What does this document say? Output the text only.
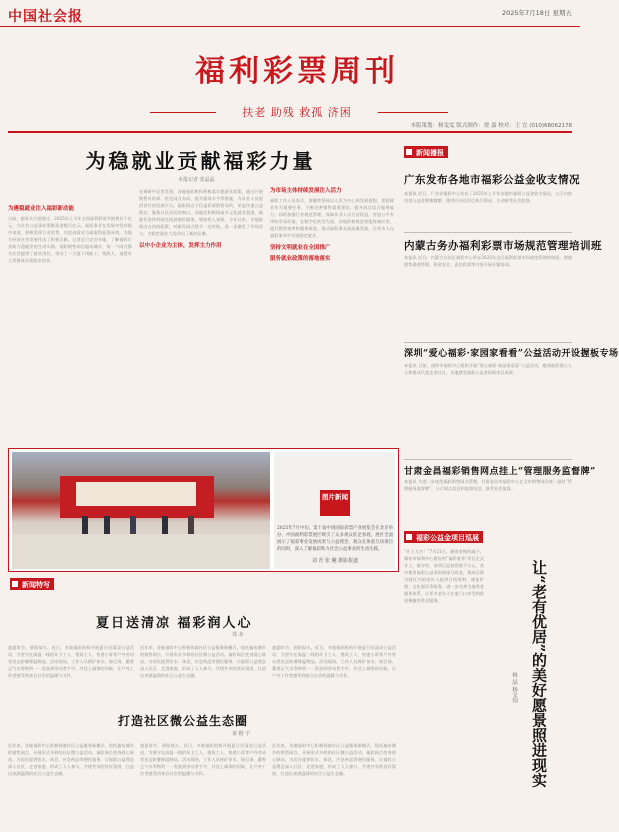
中国社会报	2025年7月18日 星期五
福利彩票周刊
扶老 助残 救孤 济困
本版策划：杨雯雯 版式制作：贾 嘉 校对：王 宜 (010)68062178
为稳就业贡献福彩力量
本报记者 张晶晶
为遴稳就业注入福彩新动能
日前，据有关方面统计，2025年上半年全国福利彩票共销售若干亿元，为社会公益事业筹集资金数百亿元。福彩事业在发展中坚持稳中求进，积极发挥行业优势，在促进就业方面取得显著成效，为地方经济社会发展作出了积极贡献。记者近日走访多地，了解福彩行业助力稳就业的生动实践。福彩销售网点遍布城乡，每一个网点都为社会提供了就业岗位，带动了一大批下岗职工、残疾人、退役军人等群体实现就业创业。
在调研中记者发现，各地福彩机构积极落实稳就业政策，通过开展销售员培训、优化网点布局、提升服务水平等措施，为从业人员提供更好的发展平台。福彩网点不仅是彩票销售场所，更是传递公益理念、服务社区居民的窗口。各地还积极探索多元化就业渠道，鼓励有条件的网点拓展便民服务，增加收入来源。今年以来，多地陆续出台扶持政策，对新设网点给予一定补贴，进一步激发了市场活力，为稳定就业大局作出了新的贡献。
以中小企业为主体，发挥主力作用
为市场主体持续发展注入活力
福彩工作人员表示，将继续坚持以人民为中心的发展思想，把稳就业作为重要任务，不断完善销售渠道建设，提升网点综合服务能力。同时加强行业规范管理，保障从业人员合法权益，营造公平有序的市场环境。在数字化转型方面，各地积极推进智能终端应用，提升销售效率和服务体验，推动福彩事业高质量发展，让更多人在福彩事业中实现稳定就业。
坚持文明就业在全国推广
服务就业政策的落地落实
图片新闻
2025年7月中旬，第十届中国国际彩票产业展览会在北京举办，中国福利彩票展区吸引了众多观众驻足参观。展区全面展示了福彩事业发展成果与公益理念，观众在体验互动项目的同时，深入了解福彩助力社会公益事业的生动实践。
刘 青 张 樾 摄影报道
新闻特写
夏日送清凉 福彩润人心
郑 多
盛夏时节，骄阳似火。近日，多地福彩机构开展夏日送清凉公益活动，为坚守在高温一线的环卫工人、建筑工人、快递小哥等户外劳动者送去防暑降温物品。活动现场，工作人员将矿泉水、绿豆汤、藿香正气水等物资一一发放到劳动者手中，并送上诚挚的问候，让户外工作者感受到来自社会的温暖与关怀。
近年来，各地福彩中心积极探索社区公益服务新模式，依托遍布城乡的销售网点，开展形式多样的社区微公益活动。福彩网点变身爱心驿站，为居民提供饮水、休息、应急药品等便民服务，让福彩公益理念深入社区、走进家庭，形成了人人参与、共建共享的良好氛围，打造出充满温情的社区公益生态圈。
盛夏时节，骄阳似火。近日，多地福彩机构开展夏日送清凉公益活动，为坚守在高温一线的环卫工人、建筑工人、快递小哥等户外劳动者送去防暑降温物品。活动现场，工作人员将矿泉水、绿豆汤、藿香正气水等物资一一发放到劳动者手中，并送上诚挚的问候，让户外工作者感受到来自社会的温暖与关怀。
打造社区微公益生态圈
秦 楷 宇
近年来，各地福彩中心积极探索社区公益服务新模式，依托遍布城乡的销售网点，开展形式多样的社区微公益活动。福彩网点变身爱心驿站，为居民提供饮水、休息、应急药品等便民服务，让福彩公益理念深入社区、走进家庭，形成了人人参与、共建共享的良好氛围，打造出充满温情的社区公益生态圈。
盛夏时节，骄阳似火。近日，多地福彩机构开展夏日送清凉公益活动，为坚守在高温一线的环卫工人、建筑工人、快递小哥等户外劳动者送去防暑降温物品。活动现场，工作人员将矿泉水、绿豆汤、藿香正气水等物资一一发放到劳动者手中，并送上诚挚的问候，让户外工作者感受到来自社会的温暖与关怀。
近年来，各地福彩中心积极探索社区公益服务新模式，依托遍布城乡的销售网点，开展形式多样的社区微公益活动。福彩网点变身爱心驿站，为居民提供饮水、休息、应急药品等便民服务，让福彩公益理念深入社区、走进家庭，形成了人人参与、共建共享的良好氛围，打造出充满温情的社区公益生态圈。
新闻播报
广东发布各地市福彩公益金收支情况
本报讯 近日，广东省福彩中心发布了2025年上半年各地市福彩公益金收支情况，公示内容包括公益金筹集数额、使用方向及项目执行情况，主动接受社会监督。
内蒙古务办福利彩票市场规范管理培训班
本报讯 近日，内蒙古自治区福彩中心举办2025年全区福利彩票市场规范管理培训班，围绕销售渠道管理、资金安全、责任彩票等内容开展专题培训。
深圳“爱心福彩·家园家看看”公益活动开设握板专场
本报讯 日前，深圳市福彩中心组织开展“爱心福彩·家园家看看”公益活动，邀请福彩爱心人士和群众代表走进社区，实地感受福彩公益金资助项目成果。
甘肃金昌福彩销售网点挂上“管理服务监督牌”
本报讯 为进一步规范福彩销售网点管理，甘肃金昌市福彩中心在全市销售网点统一悬挂“管理服务监督牌”，公示网点信息和监督电话，接受社会监督。
福彩公益金项目巡展
“开工大吉！”7月21日，随着金锤的敲下，潍坊市福利中心建设的“福彩康养”项目正式开工。据介绍，该项目总投资数千万元，其中使用福彩公益金资助部分资金，建成后将为辖区内的老年人提供日间照料、康复护理、文化娱乐等服务，进一步完善当地养老服务体系，让更多老年人在家门口享受到优质便捷的养老服务。	让“老有优居”的美好愿景照进现实
杨 喆 杨文钧
